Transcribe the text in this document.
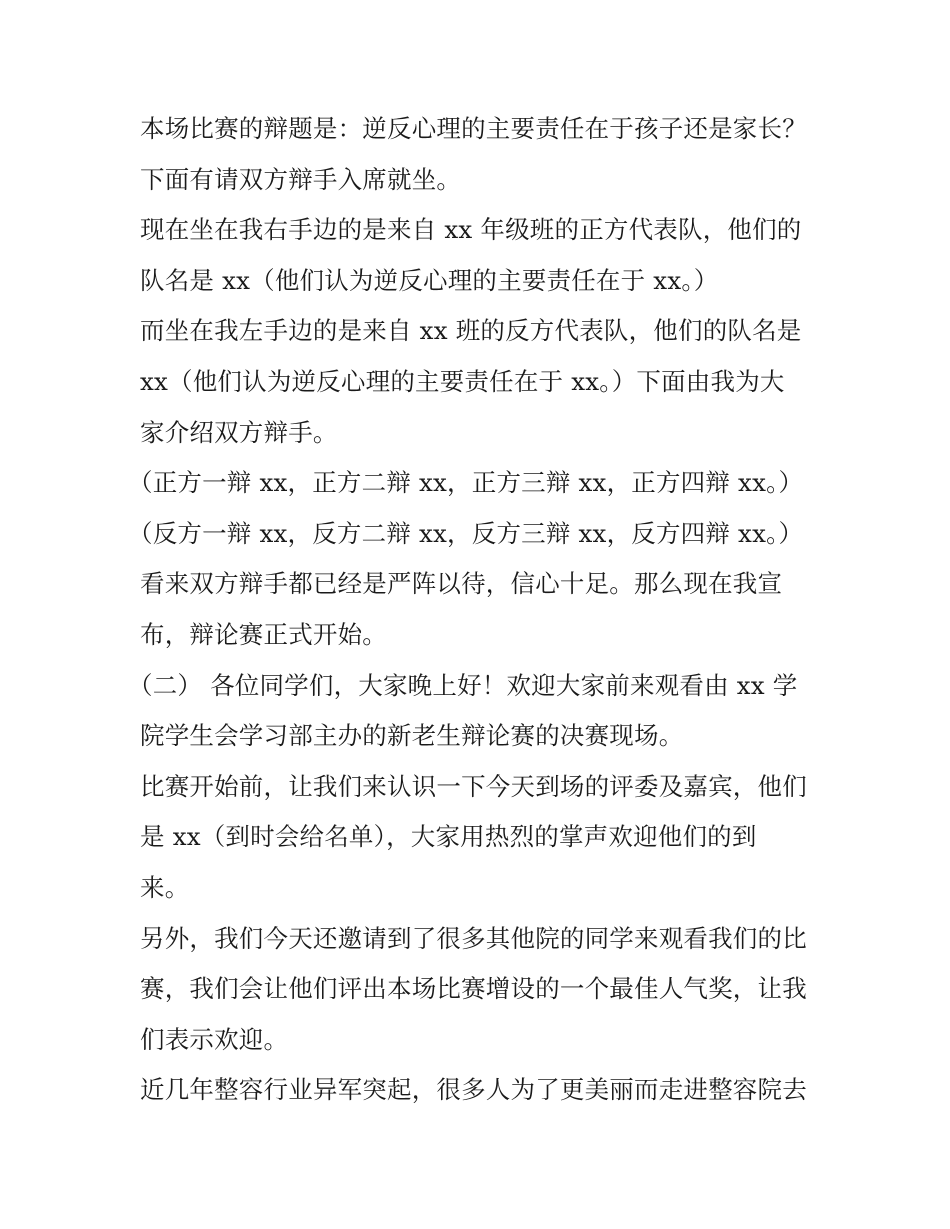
本场比赛的辩题是：逆反心理的主要责任在于孩子还是家长？
下面有请双方辩手入席就坐。
现在坐在我右手边的是来自 xx 年级班的正方代表队，他们的
队名是 xx（他们认为逆反心理的主要责任在于 xx。）
而坐在我左手边的是来自 xx 班的反方代表队，他们的队名是
xx（他们认为逆反心理的主要责任在于 xx。）下面由我为大
家介绍双方辩手。
（正方一辩 xx，正方二辩 xx，正方三辩 xx，正方四辩 xx。）
（反方一辩 xx，反方二辩 xx，反方三辩 xx，反方四辩 xx。）
看来双方辩手都已经是严阵以待，信心十足。那么现在我宣
布，辩论赛正式开始。
（二） 各位同学们，大家晚上好！欢迎大家前来观看由 xx 学
院学生会学习部主办的新老生辩论赛的决赛现场。
比赛开始前，让我们来认识一下今天到场的评委及嘉宾，他们
是 xx（到时会给名单），大家用热烈的掌声欢迎他们的到
来。
另外，我们今天还邀请到了很多其他院的同学来观看我们的比
赛，我们会让他们评出本场比赛增设的一个最佳人气奖，让我
们表示欢迎。
近几年整容行业异军突起，很多人为了更美丽而走进整容院去
